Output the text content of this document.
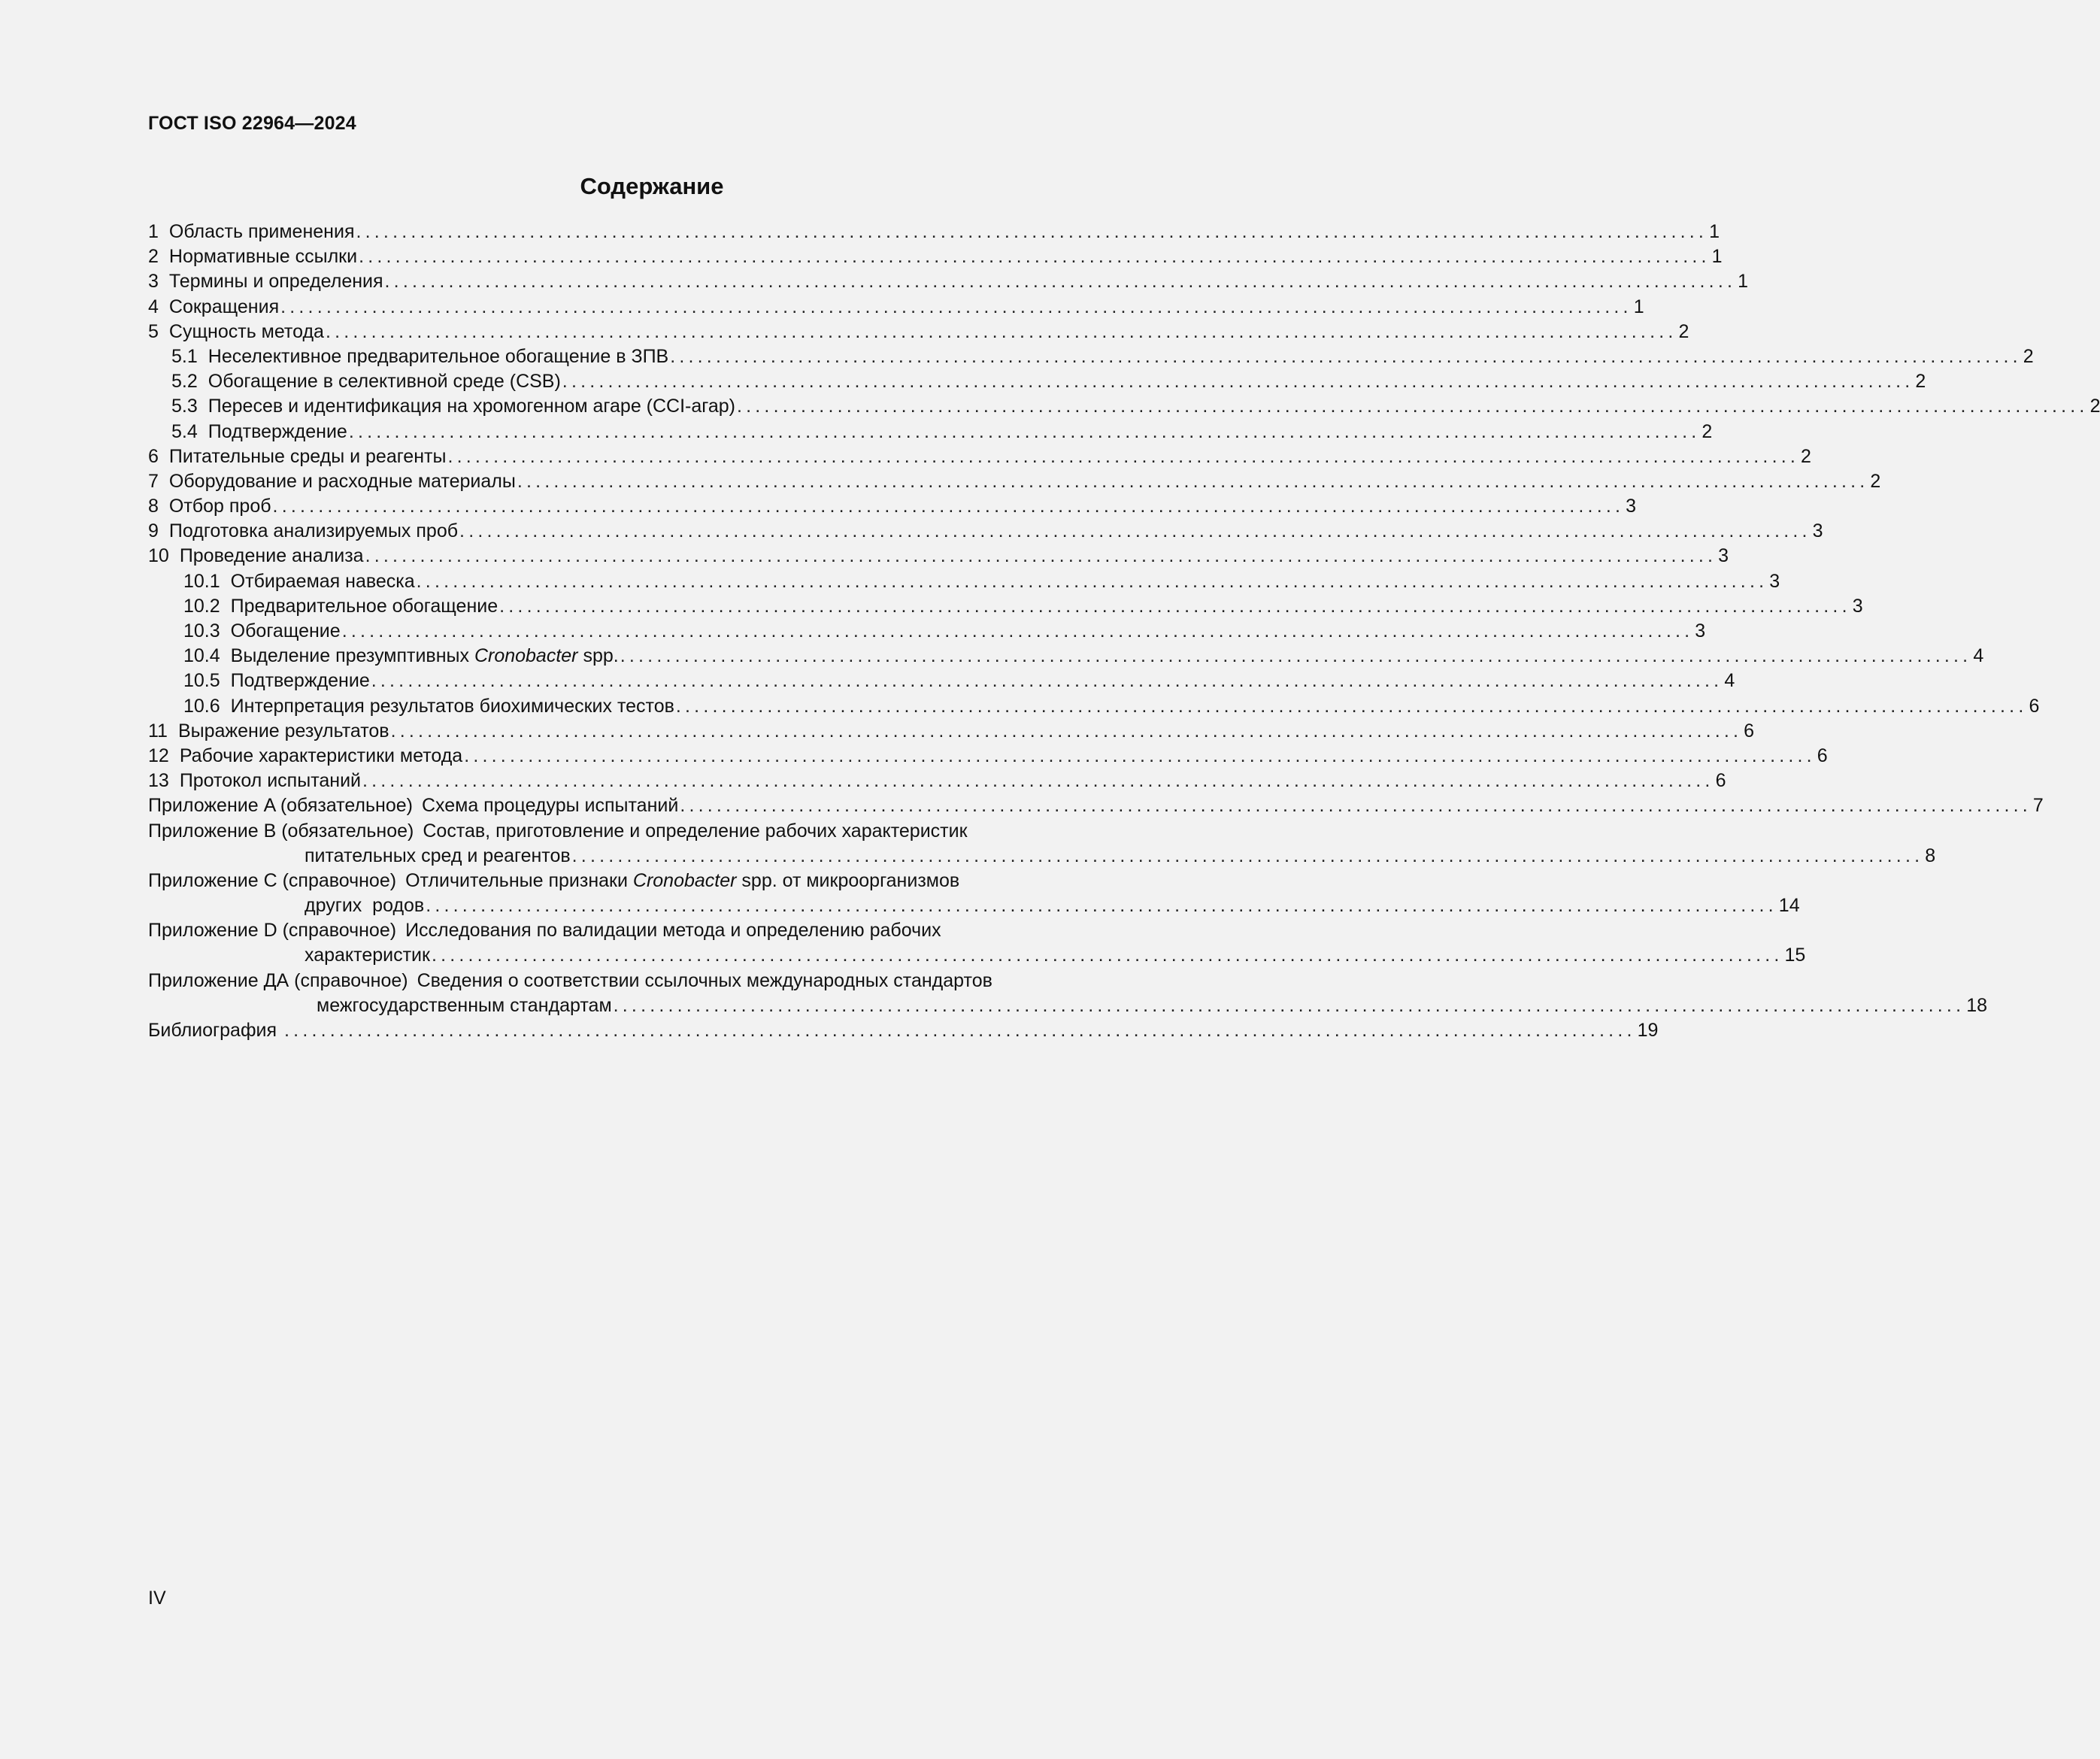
ГОСТ ISO 22964—2024
Содержание
1 Область применения .................................................................................................................................................... 1
2 Нормативные ссылки .................................................................................................................................................... 1
3 Термины и определения .................................................................................................................................................... 1
4 Сокращения .................................................................................................................................................... 1
5 Сущность метода .................................................................................................................................................... 2
5.1 Неселективное предварительное обогащение в ЗПВ .................................................................................................................................................... 2
5.2 Обогащение в селективной среде (CSB) .................................................................................................................................................... 2
5.3 Пересев и идентификация на хромогенном агаре (CCI-агар) .................................................................................................................................................... 2
5.4 Подтверждение .................................................................................................................................................... 2
6 Питательные среды и реагенты .................................................................................................................................................... 2
7 Оборудование и расходные материалы .................................................................................................................................................... 2
8 Отбор проб .................................................................................................................................................... 3
9 Подготовка анализируемых проб .................................................................................................................................................... 3
10 Проведение анализа .................................................................................................................................................... 3
10.1 Отбираемая навеска .................................................................................................................................................... 3
10.2 Предварительное обогащение .................................................................................................................................................... 3
10.3 Обогащение .................................................................................................................................................... 3
10.4 Выделение презумптивных Cronobacter spp. .................................................................................................................................................... 4
10.5 Подтверждение .................................................................................................................................................... 4
10.6 Интерпретация результатов биохимических тестов .................................................................................................................................................... 6
11 Выражение результатов .................................................................................................................................................... 6
12 Рабочие характеристики метода .................................................................................................................................................... 6
13 Протокол испытаний .................................................................................................................................................... 6
Приложение A (обязательное) Схема процедуры испытаний .................................................................................................................................................... 7
Приложение B (обязательное) Состав, приготовление и определение рабочих характеристик
питательных сред и реагентов .................................................................................................................................................... 8
Приложение C (справочное) Отличительные признаки Cronobacter spp. от микроорганизмов
других  родов .................................................................................................................................................... 14
Приложение D (справочное) Исследования по валидации метода и определению рабочих
характеристик .................................................................................................................................................... 15
Приложение ДА (справочное) Сведения о соответствии ссылочных международных стандартов
межгосударственным стандартам .................................................................................................................................................... 18
Библиография .................................................................................................................................................... 19
IV
